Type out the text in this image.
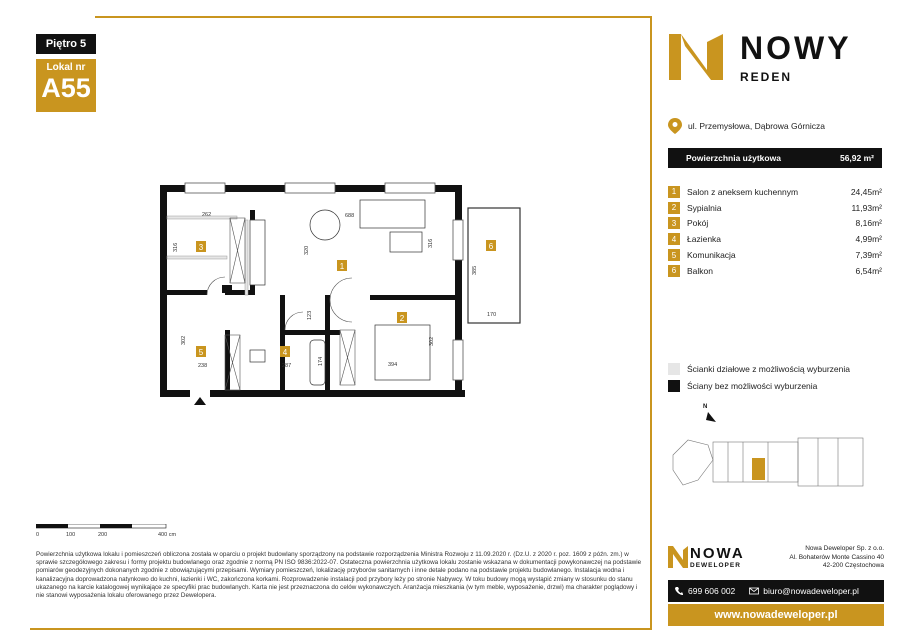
Piętro 5
Lokal nr
A55
1
2
3
4
5
6
262	688
316	320
316
385
170
123
302	302
238	287	174	394
0	100	200	400 cm
Powierzchnia użytkowa lokalu i pomieszczeń obliczona została w oparciu o projekt budowlany sporządzony na podstawie rozporządzenia Ministra Rozwoju z 11.09.2020 r. (Dz.U. z 2020 r. poz. 1609 z późn. zm.) w sprawie szczegółowego zakresu i formy projektu budowlanego oraz zgodnie z normą PN ISO 9836:2022-07. Ostateczna powierzchnia użytkowa lokalu zostanie wskazana w dokumentacji powykonawczej na podstawie pomiarów geodezyjnych dokonanych zgodnie z obowiązującymi przepisami. Wymiary pomieszczeń, lokalizację przyborów sanitarnych i inne detale podano na podstawie projektu budowlanego. Instalacja wodna i kanalizacyjna doprowadzona natynkowo do kuchni, łazienki i WC, zakończona korkami. Rozprowadzenie instalacji pod przybory leży po stronie Nabywcy. W toku budowy mogą wystąpić zmiany w stosunku do stanu ukazanego na karcie katalogowej wynikające ze specyfiki prac budowlanych. Karta nie jest przeznaczona do celów wykonawczych. Aranżacja mieszkania (w tym meble, wyposażenie, drzwi) ma charakter poglądowy i nie stanowi wyposażenia lokalu oferowanego przez Dewelopera.
NOWY
REDEN
ul. Przemysłowa, Dąbrowa Górnicza
Powierzchnia użytkowa	56,92 m²
1	Salon z aneksem kuchennym	24,45m²
2	Sypialnia	11,93m²
3	Pokój	8,16m²
4	Łazienka	4,99m²
5	Komunikacja	7,39m²
6	Balkon	6,54m²
Ścianki działowe z możliwością wyburzenia
Ściany bez możliwości wyburzenia
N
NOWA
DEWELOPER
Nowa Deweloper Sp. z o.o.
Al. Bohaterów Monte Cassino 40
42-200 Częstochowa
699 606 002	biuro@nowadeweloper.pl
www.nowadeweloper.pl
